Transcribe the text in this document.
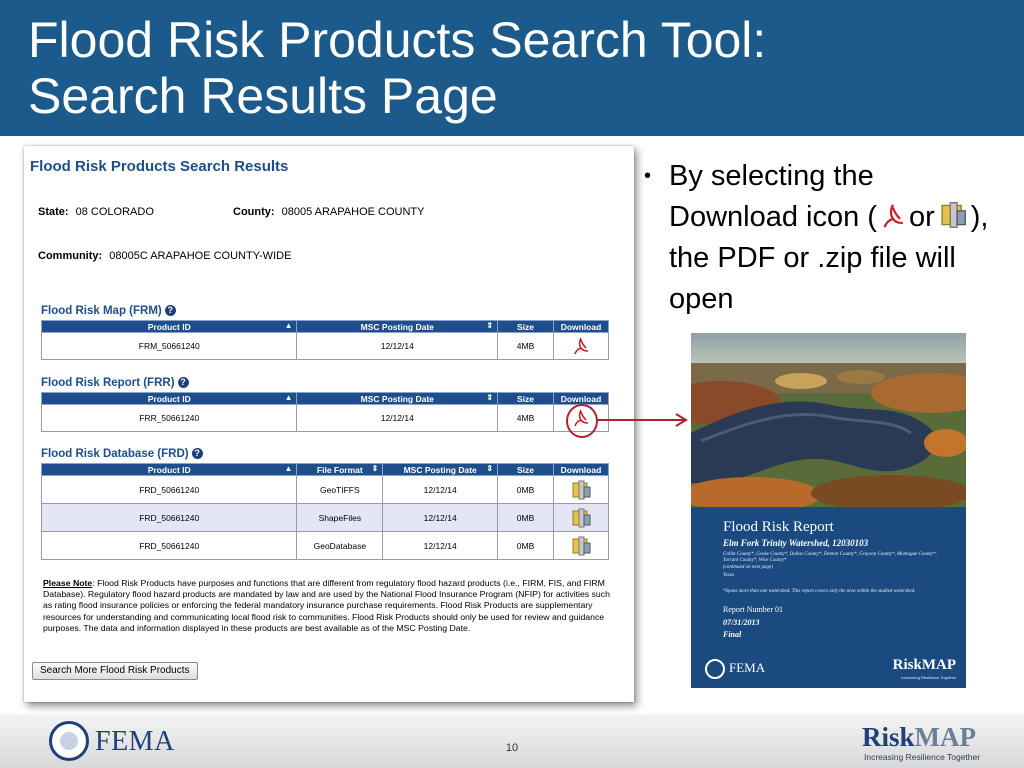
Flood Risk Products Search Tool:
Search Results Page
Flood Risk Products Search Results
State: 08 COLORADO	County: 08005 ARAPAHOE COUNTY
Community: 08005C ARAPAHOE COUNTY-WIDE
Flood Risk Map (FRM) ?
Product ID ▲	MSC Posting Date ⇕	Size	Download
FRM_50661240	12/12/14	4MB	
Flood Risk Report (FRR) ?
Product ID ▲	MSC Posting Date ⇕	Size	Download
FRR_50661240	12/12/14	4MB	
Flood Risk Database (FRD) ?
Product ID ▲	File Format ⇕	MSC Posting Date ⇕	Size	Download
FRD_50661240	GeoTIFFS	12/12/14	0MB	
FRD_50661240	ShapeFiles	12/12/14	0MB	
FRD_50661240	GeoDatabase	12/12/14	0MB	
Please Note: Flood Risk Products have purposes and functions that are different from regulatory flood hazard products (i.e., FIRM, FIS, and FIRM Database). Regulatory flood hazard products are mandated by law and are used by the National Flood Insurance Program (NFIP) for activities such as rating flood insurance policies or enforcing the federal mandatory insurance purchase requirements. Flood Risk Products are supplementary resources for understanding and communicating local flood risk to communities. Flood Risk Products should only be used for review and guidance purposes. The data and information displayed in these products are best available as of the MSC Posting Date.
Search More Flood Risk Products
• By selecting the Download icon ( or ), the PDF or .zip file will open
Flood Risk Report
Elm Fork Trinity Watershed, 12030103
Collin County*, Cooke County*, Dallas County*, Denton County*, Grayson County*, Montague County*, Tarrant County*, Wise County*
(continued on next page)
Texas
*Spans more than one watershed. This report covers only the area within the studied watershed.
Report Number 01
07/31/2013
Final
FEMA	RiskMAP
Increasing Resilience Together
FEMA	10	RiskMAP
Increasing Resilience Together
